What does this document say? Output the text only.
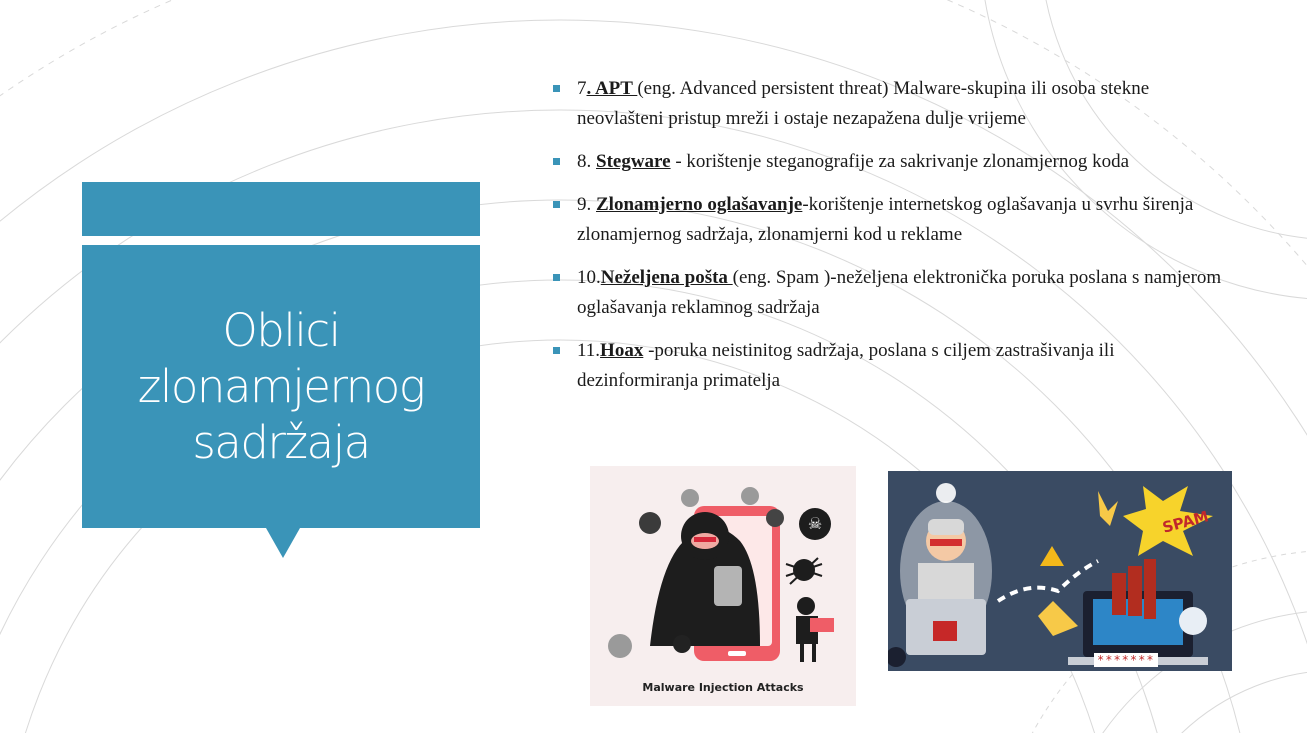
Oblici zlonamjernog sadržaja
7. APT (eng. Advanced persistent threat) Malware-skupina ili osoba stekne neovlašteni pristup mreži i ostaje nezapažena dulje vrijeme
8. Stegware - korištenje steganografije za sakrivanje zlonamjernog koda
9. Zlonamjerno oglašavanje-korištenje internetskog oglašavanja u svrhu širenja zlonamjernog sadržaja, zlonamjerni kod u reklame
10.Neželjena pošta (eng. Spam )-neželjena elektronička poruka poslana s namjerom oglašavanja reklamnog sadržaja
11.Hoax -poruka neistinitog sadržaja, poslana s ciljem zastrašivanja ili dezinformiranja primatelja
☠
Malware Injection Attacks
SPAM
*******
